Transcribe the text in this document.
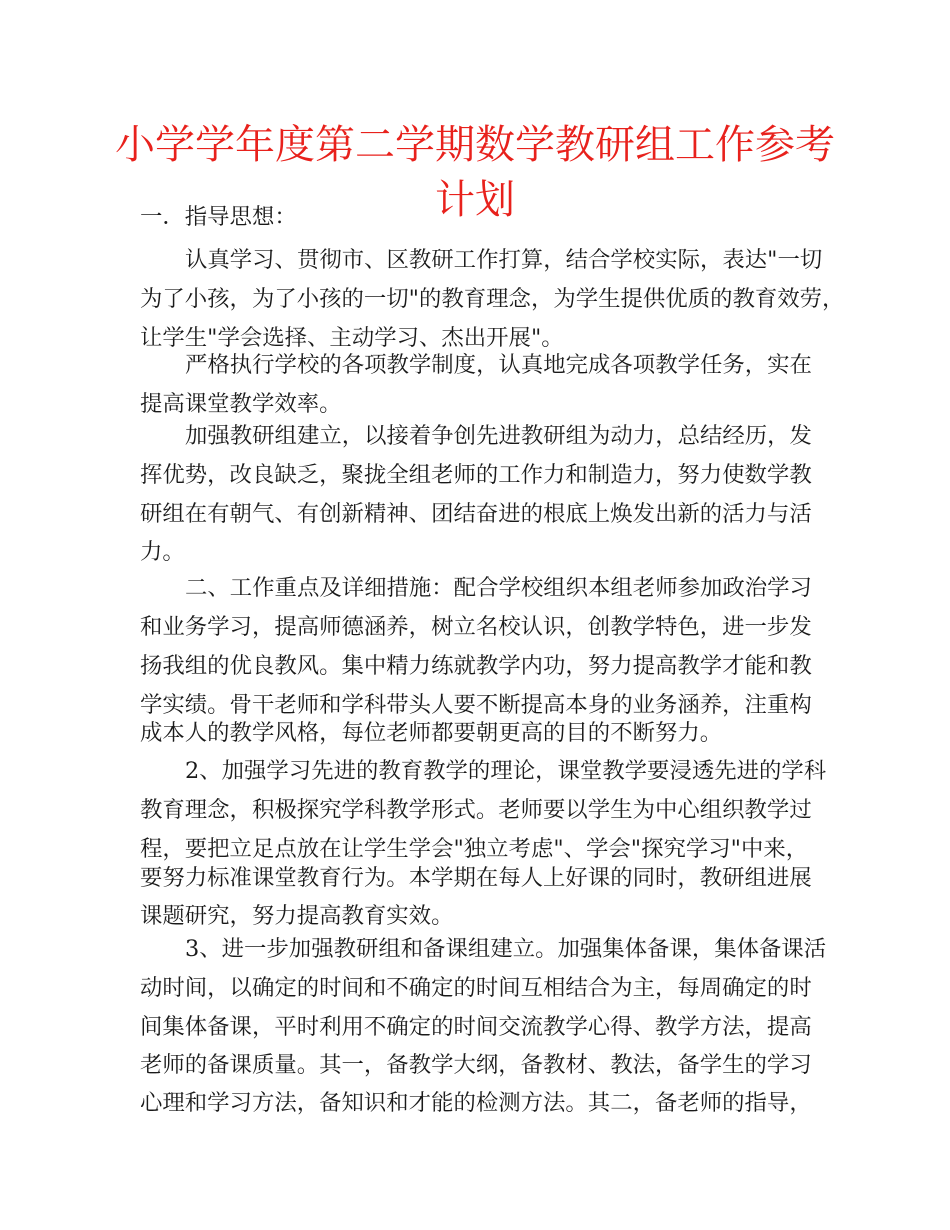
小学学年度第二学期数学教研组工作参考
计划
一．指导思想：
认真学习、贯彻市、区教研工作打算，结合学校实际，表达"一切
为了小孩，为了小孩的一切"的教育理念，为学生提供优质的教育效劳，
让学生"学会选择、主动学习、杰出开展"。
严格执行学校的各项教学制度，认真地完成各项教学任务，实在
提高课堂教学效率。
加强教研组建立，以接着争创先进教研组为动力，总结经历，发
挥优势，改良缺乏，聚拢全组老师的工作力和制造力，努力使数学教
研组在有朝气、有创新精神、团结奋进的根底上焕发出新的活力与活
力。
二、工作重点及详细措施：配合学校组织本组老师参加政治学习
和业务学习，提高师德涵养，树立名校认识，创教学特色，进一步发
扬我组的优良教风。集中精力练就教学内功，努力提高教学才能和教
学实绩。骨干老师和学科带头人要不断提高本身的业务涵养，注重构
成本人的教学风格，每位老师都要朝更高的目的不断努力。
2、加强学习先进的教育教学的理论，课堂教学要浸透先进的学科
教育理念，积极探究学科教学形式。老师要以学生为中心组织教学过
程，要把立足点放在让学生学会"独立考虑"、学会"探究学习"中来，
要努力标准课堂教育行为。本学期在每人上好课的同时，教研组进展
课题研究，努力提高教育实效。
3、进一步加强教研组和备课组建立。加强集体备课，集体备课活
动时间，以确定的时间和不确定的时间互相结合为主，每周确定的时
间集体备课，平时利用不确定的时间交流教学心得、教学方法，提高
老师的备课质量。其一，备教学大纲，备教材、教法，备学生的学习
心理和学习方法，备知识和才能的检测方法。其二，备老师的指导，
